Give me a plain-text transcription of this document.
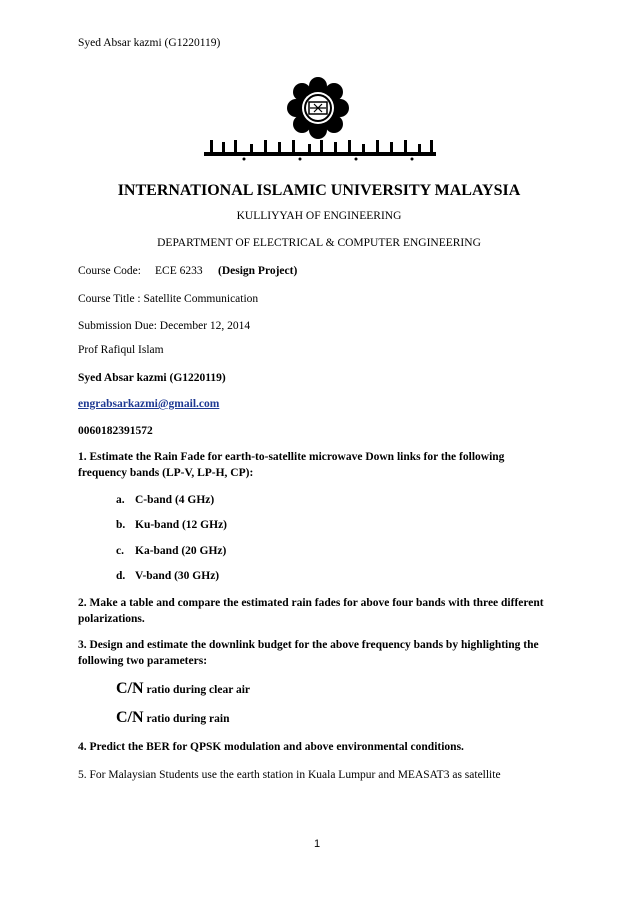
Syed Absar kazmi (G1220119)
INTERNATIONAL ISLAMIC UNIVERSITY MALAYSIA
KULLIYYAH OF ENGINEERING
DEPARTMENT OF ELECTRICAL & COMPUTER ENGINEERING
Course Code: ECE 6233 (Design Project)
Course Title : Satellite Communication
Submission Due: December 12, 2014
Prof Rafiqul Islam
Syed Absar kazmi (G1220119)
engrabsarkazmi@gmail.com
0060182391572
1. Estimate the Rain Fade for earth-to-satellite microwave Down links for the following
frequency bands (LP-V, LP-H, CP):
a. C-band (4 GHz)
b. Ku-band (12 GHz)
c. Ka-band (20 GHz)
d. V-band (30 GHz)
2. Make a table and compare the estimated rain fades for above four bands with three different
polarizations.
3. Design and estimate the downlink budget for the above frequency bands by highlighting the
following two parameters:
C/N ratio during clear air
C/N ratio during rain
4. Predict the BER for QPSK modulation and above environmental conditions.
5. For Malaysian Students use the earth station in Kuala Lumpur and MEASAT3 as satellite
1
